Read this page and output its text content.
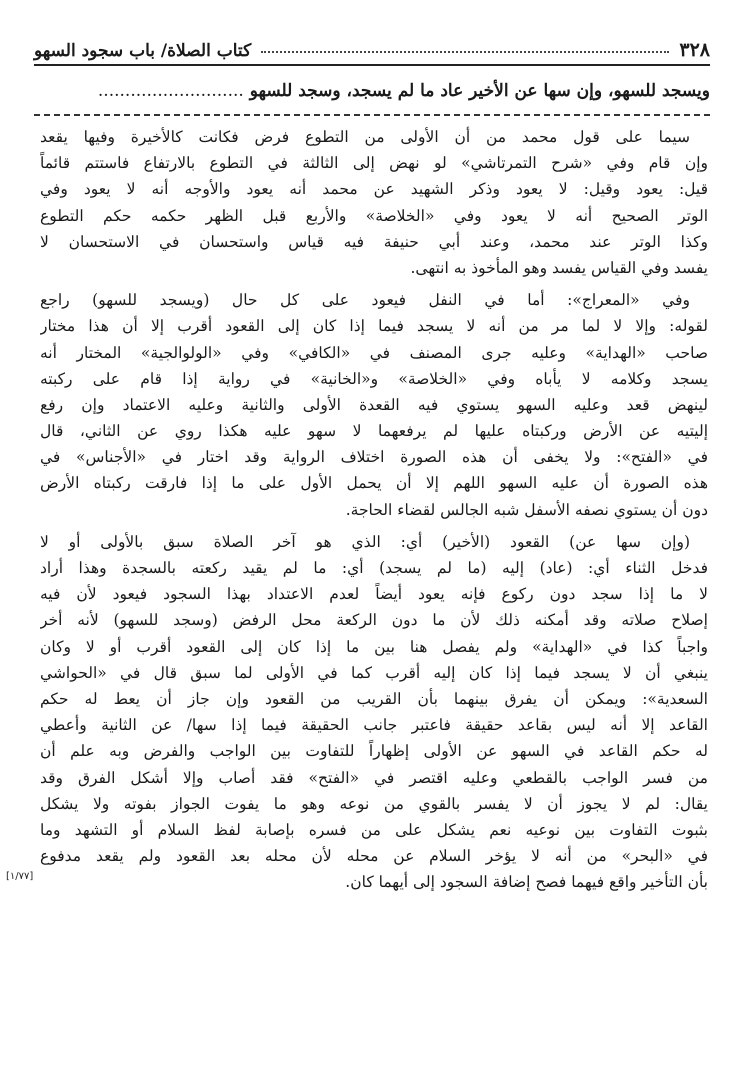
٣٢٨
كتاب الصلاة/ باب سجود السهو
ويسجد للسهو، وإن سها عن الأخير عاد ما لم يسجد، وسجد للسهو ...........................
[١/٧٧]
سيما على قول محمد من أن الأولى من التطوع فرض فكانت كالأخيرة وفيها يقعد
وإن قام وفي «شرح التمرتاشي» لو نهض إلى الثالثة في التطوع بالارتفاع فاستتم قائماً
قيل: يعود وقيل: لا يعود وذكر الشهيد عن محمد أنه يعود والأوجه أنه لا يعود وفي
الوتر الصحيح أنه لا يعود وفي «الخلاصة» والأربع قبل الظهر حكمه حكم التطوع
وكذا الوتر عند محمد، وعند أبي حنيفة فيه قياس واستحسان في الاستحسان لا
يفسد وفي القياس يفسد وهو المأخوذ به انتهى.
وفي «المعراج»: أما في النفل فيعود على كل حال (ويسجد للسهو) راجع
لقوله: وإلا لا لما مر من أنه لا يسجد فيما إذا كان إلى القعود أقرب إلا أن هذا مختار
صاحب «الهداية» وعليه جرى المصنف في «الكافي» وفي «الولوالجية» المختار أنه
يسجد وكلامه لا يأباه وفي «الخلاصة» و«الخانية» في رواية إذا قام على ركبته
لينهض قعد وعليه السهو يستوي فيه القعدة الأولى والثانية وعليه الاعتماد وإن رفع
إليتيه عن الأرض وركبتاه عليها لم يرفعهما لا سهو عليه هكذا روي عن الثاني، قال
في «الفتح»: ولا يخفى أن هذه الصورة اختلاف الرواية وقد اختار في «الأجناس» في
هذه الصورة أن عليه السهو اللهم إلا أن يحمل الأول على ما إذا فارقت ركبتاه الأرض
دون أن يستوي نصفه الأسفل شبه الجالس لقضاء الحاجة.
(وإن سها عن) القعود (الأخير) أي: الذي هو آخر الصلاة سبق بالأولى أو لا
فدخل الثناء أي: (عاد) إليه (ما لم يسجد) أي: ما لم يقيد ركعته بالسجدة وهذا أراد
لا ما إذا سجد دون ركوع فإنه يعود أيضاً لعدم الاعتداد بهذا السجود فيعود لأن فيه
إصلاح صلاته وقد أمكنه ذلك لأن ما دون الركعة محل الرفض (وسجد للسهو) لأنه أخر
واجباً كذا في «الهداية» ولم يفصل هنا بين ما إذا كان إلى القعود أقرب أو لا وكان
ينبغي أن لا يسجد فيما إذا كان إليه أقرب كما في الأولى لما سبق قال في «الحواشي
السعدية»: ويمكن أن يفرق بينهما بأن القريب من القعود وإن جاز أن يعط له حكم
القاعد إلا أنه ليس بقاعد حقيقة فاعتبر جانب الحقيقة فيما إذا سها/ عن الثانية وأعطي
له حكم القاعد في السهو عن الأولى إظهاراً للتفاوت بين الواجب والفرض وبه علم أن
من فسر الواجب بالقطعي وعليه اقتصر في «الفتح» فقد أصاب وإلا أشكل الفرق وقد
يقال: لم لا يجوز أن لا يفسر بالقوي من نوعه وهو ما يفوت الجواز بفوته ولا يشكل
بثبوت التفاوت بين نوعيه نعم يشكل على من فسره بإصابة لفظ السلام أو التشهد وما
في «البحر» من أنه لا يؤخر السلام عن محله لأن محله بعد القعود ولم يقعد مدفوع
بأن التأخير واقع فيهما فصح إضافة السجود إلى أيهما كان.
